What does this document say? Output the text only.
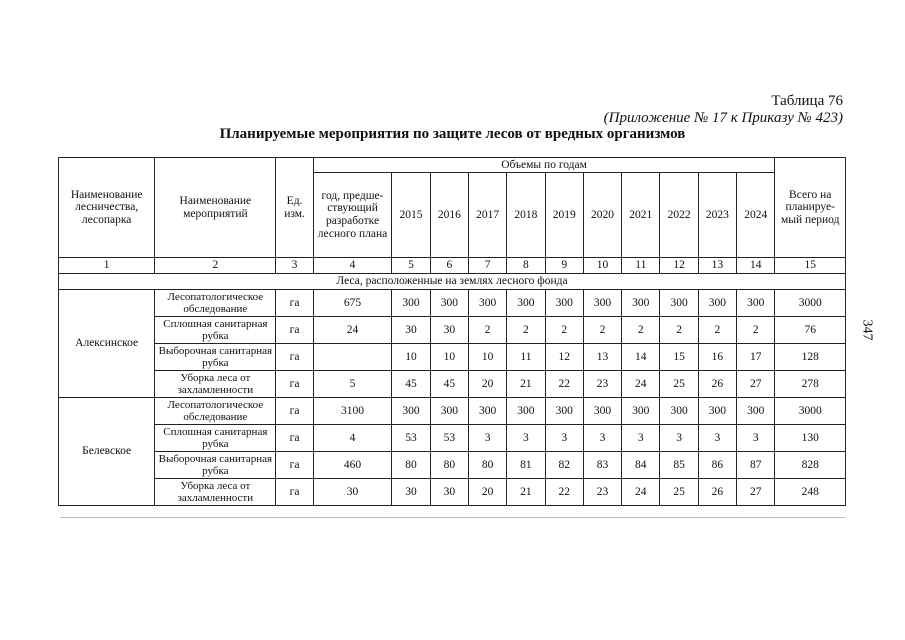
347
Таблица 76
(Приложение № 17 к Приказу № 423)
Планируемые мероприятия по защите лесов от вредных организмов
Наименование лесничества, лесопарка	Наименование мероприятий	Ед. изм.	Объемы по годам											Всего на планируе-мый период
			год, предше-ствующий разработке лесного плана	2015	2016	2017	2018	2019	2020	2021	2022	2023	2024	
1	2	3	4	5	6	7	8	9	10	11	12	13	14	15
Леса, расположенные на землях лесного фонда														
Алексинское	Лесопатологическое обследование	га	675	300	300	300	300	300	300	300	300	300	300	3000
	Сплошная санитарная рубка	га	24	30	30	2	2	2	2	2	2	2	2	76
	Выборочная санитарная рубка	га		10	10	10	11	12	13	14	15	16	17	128
	Уборка леса от захламленности	га	5	45	45	20	21	22	23	24	25	26	27	278
Белевское	Лесопатологическое обследование	га	3100	300	300	300	300	300	300	300	300	300	300	3000
	Сплошная санитарная рубка	га	4	53	53	3	3	3	3	3	3	3	3	130
	Выборочная санитарная рубка	га	460	80	80	80	81	82	83	84	85	86	87	828
	Уборка леса от захламленности	га	30	30	30	20	21	22	23	24	25	26	27	248
